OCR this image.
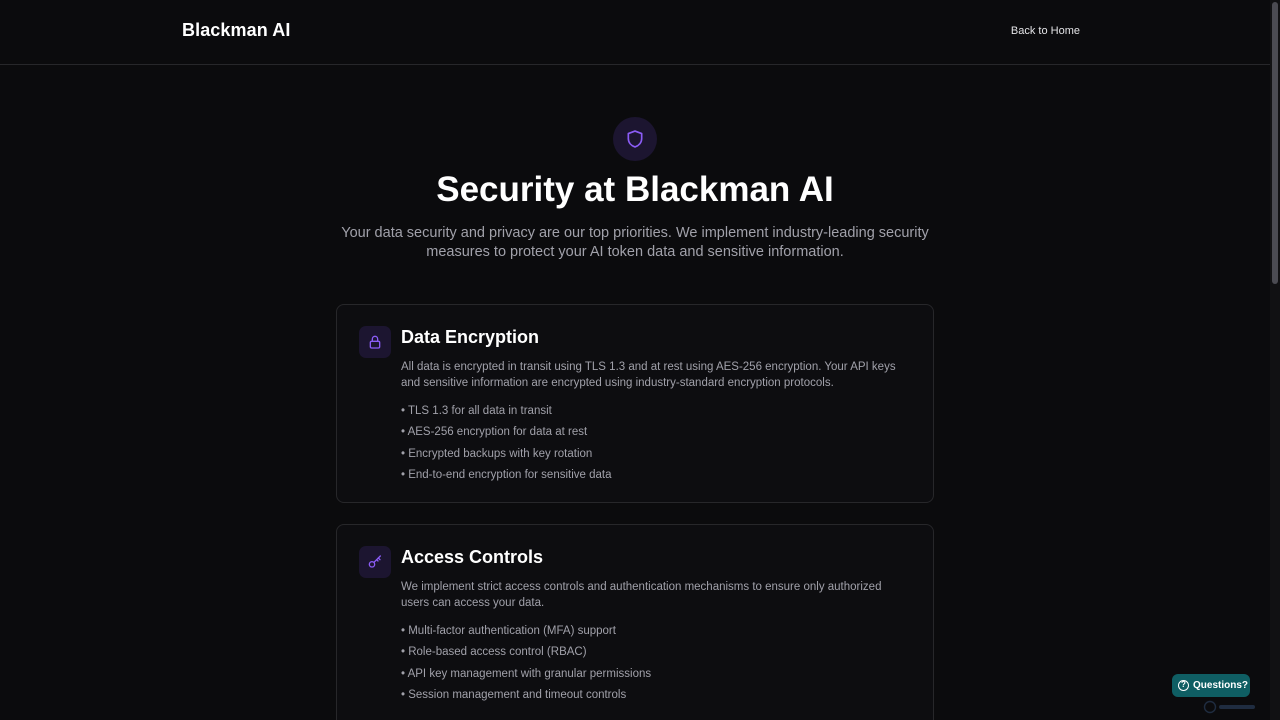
Blackman AI	Back to Home
Security at Blackman AI

Your data security and privacy are our top priorities. We implement industry-leading security measures to protect your AI token data and sensitive information.

Data Encryption

All data is encrypted in transit using TLS 1.3 and at rest using AES-256 encryption. Your API keys and sensitive information are encrypted using industry-standard encryption protocols.

• TLS 1.3 for all data in transit
• AES-256 encryption for data at rest
• Encrypted backups with key rotation
• End-to-end encryption for sensitive data
Access Controls

We implement strict access controls and authentication mechanisms to ensure only authorized users can access your data.

• Multi-factor authentication (MFA) support
• Role-based access control (RBAC)
• API key management with granular permissions
• Session management and timeout controls
? Questions?
